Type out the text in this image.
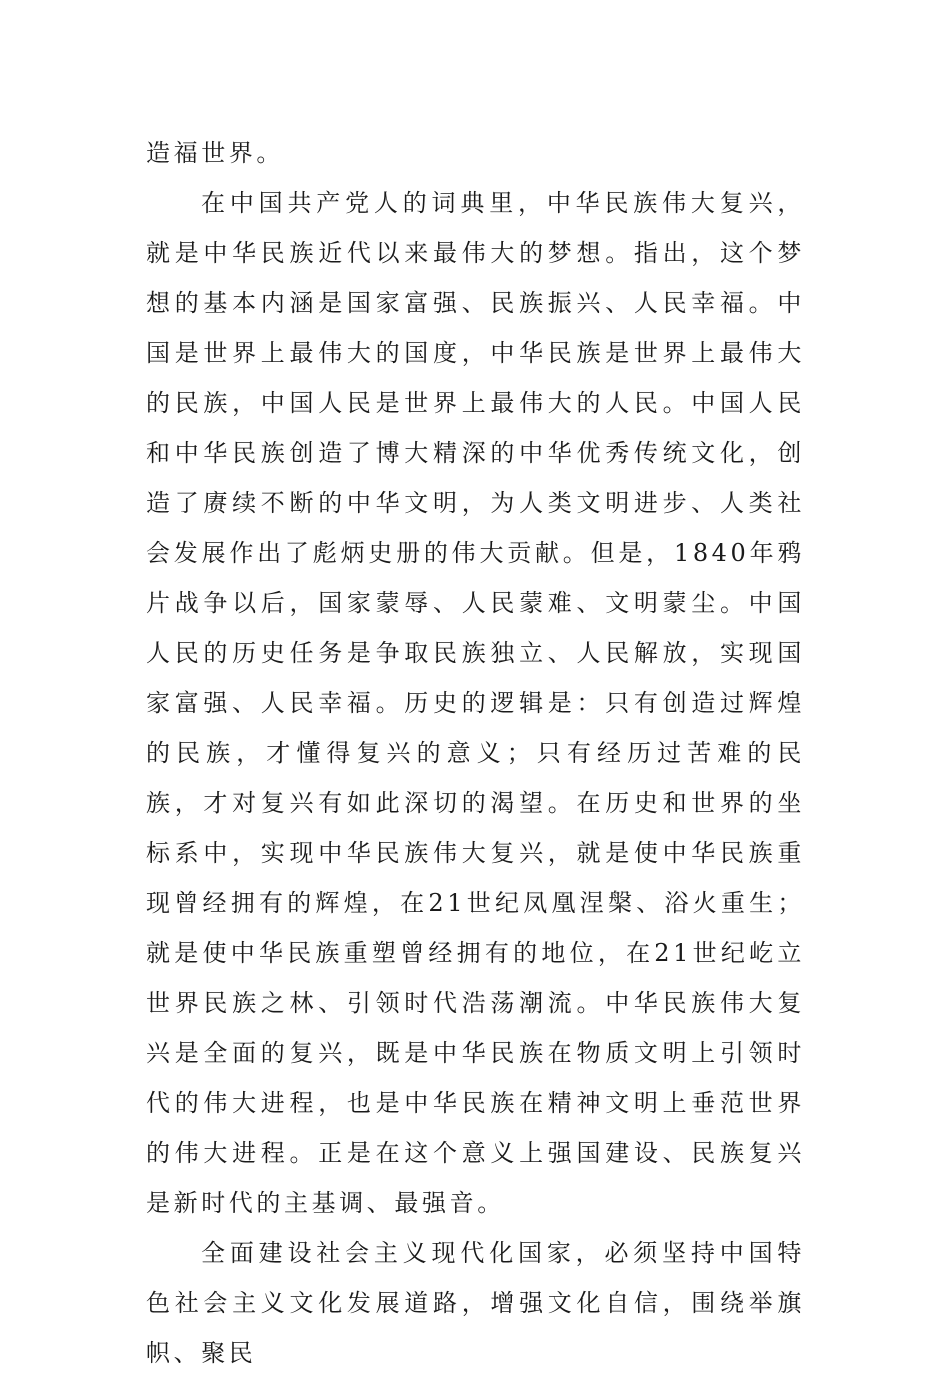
造福世界。

在中国共产党人的词典里，中华民族伟大复兴，就是中华民族近代以来最伟大的梦想。指出，这个梦想的基本内涵是国家富强、民族振兴、人民幸福。中国是世界上最伟大的国度，中华民族是世界上最伟大的民族，中国人民是世界上最伟大的人民。中国人民和中华民族创造了博大精深的中华优秀传统文化，创造了赓续不断的中华文明，为人类文明进步、人类社会发展作出了彪炳史册的伟大贡献。但是，1840年鸦片战争以后，国家蒙辱、人民蒙难、文明蒙尘。中国人民的历史任务是争取民族独立、人民解放，实现国家富强、人民幸福。历史的逻辑是：只有创造过辉煌的民族，才懂得复兴的意义；只有经历过苦难的民族，才对复兴有如此深切的渴望。在历史和世界的坐标系中，实现中华民族伟大复兴，就是使中华民族重现曾经拥有的辉煌，在21世纪凤凰涅槃、浴火重生；就是使中华民族重塑曾经拥有的地位，在21世纪屹立世界民族之林、引领时代浩荡潮流。中华民族伟大复兴是全面的复兴，既是中华民族在物质文明上引领时代的伟大进程，也是中华民族在精神文明上垂范世界的伟大进程。正是在这个意义上强国建设、民族复兴是新时代的主基调、最强音。

全面建设社会主义现代化国家，必须坚持中国特色社会主义文化发展道路，增强文化自信，围绕举旗帜、聚民
